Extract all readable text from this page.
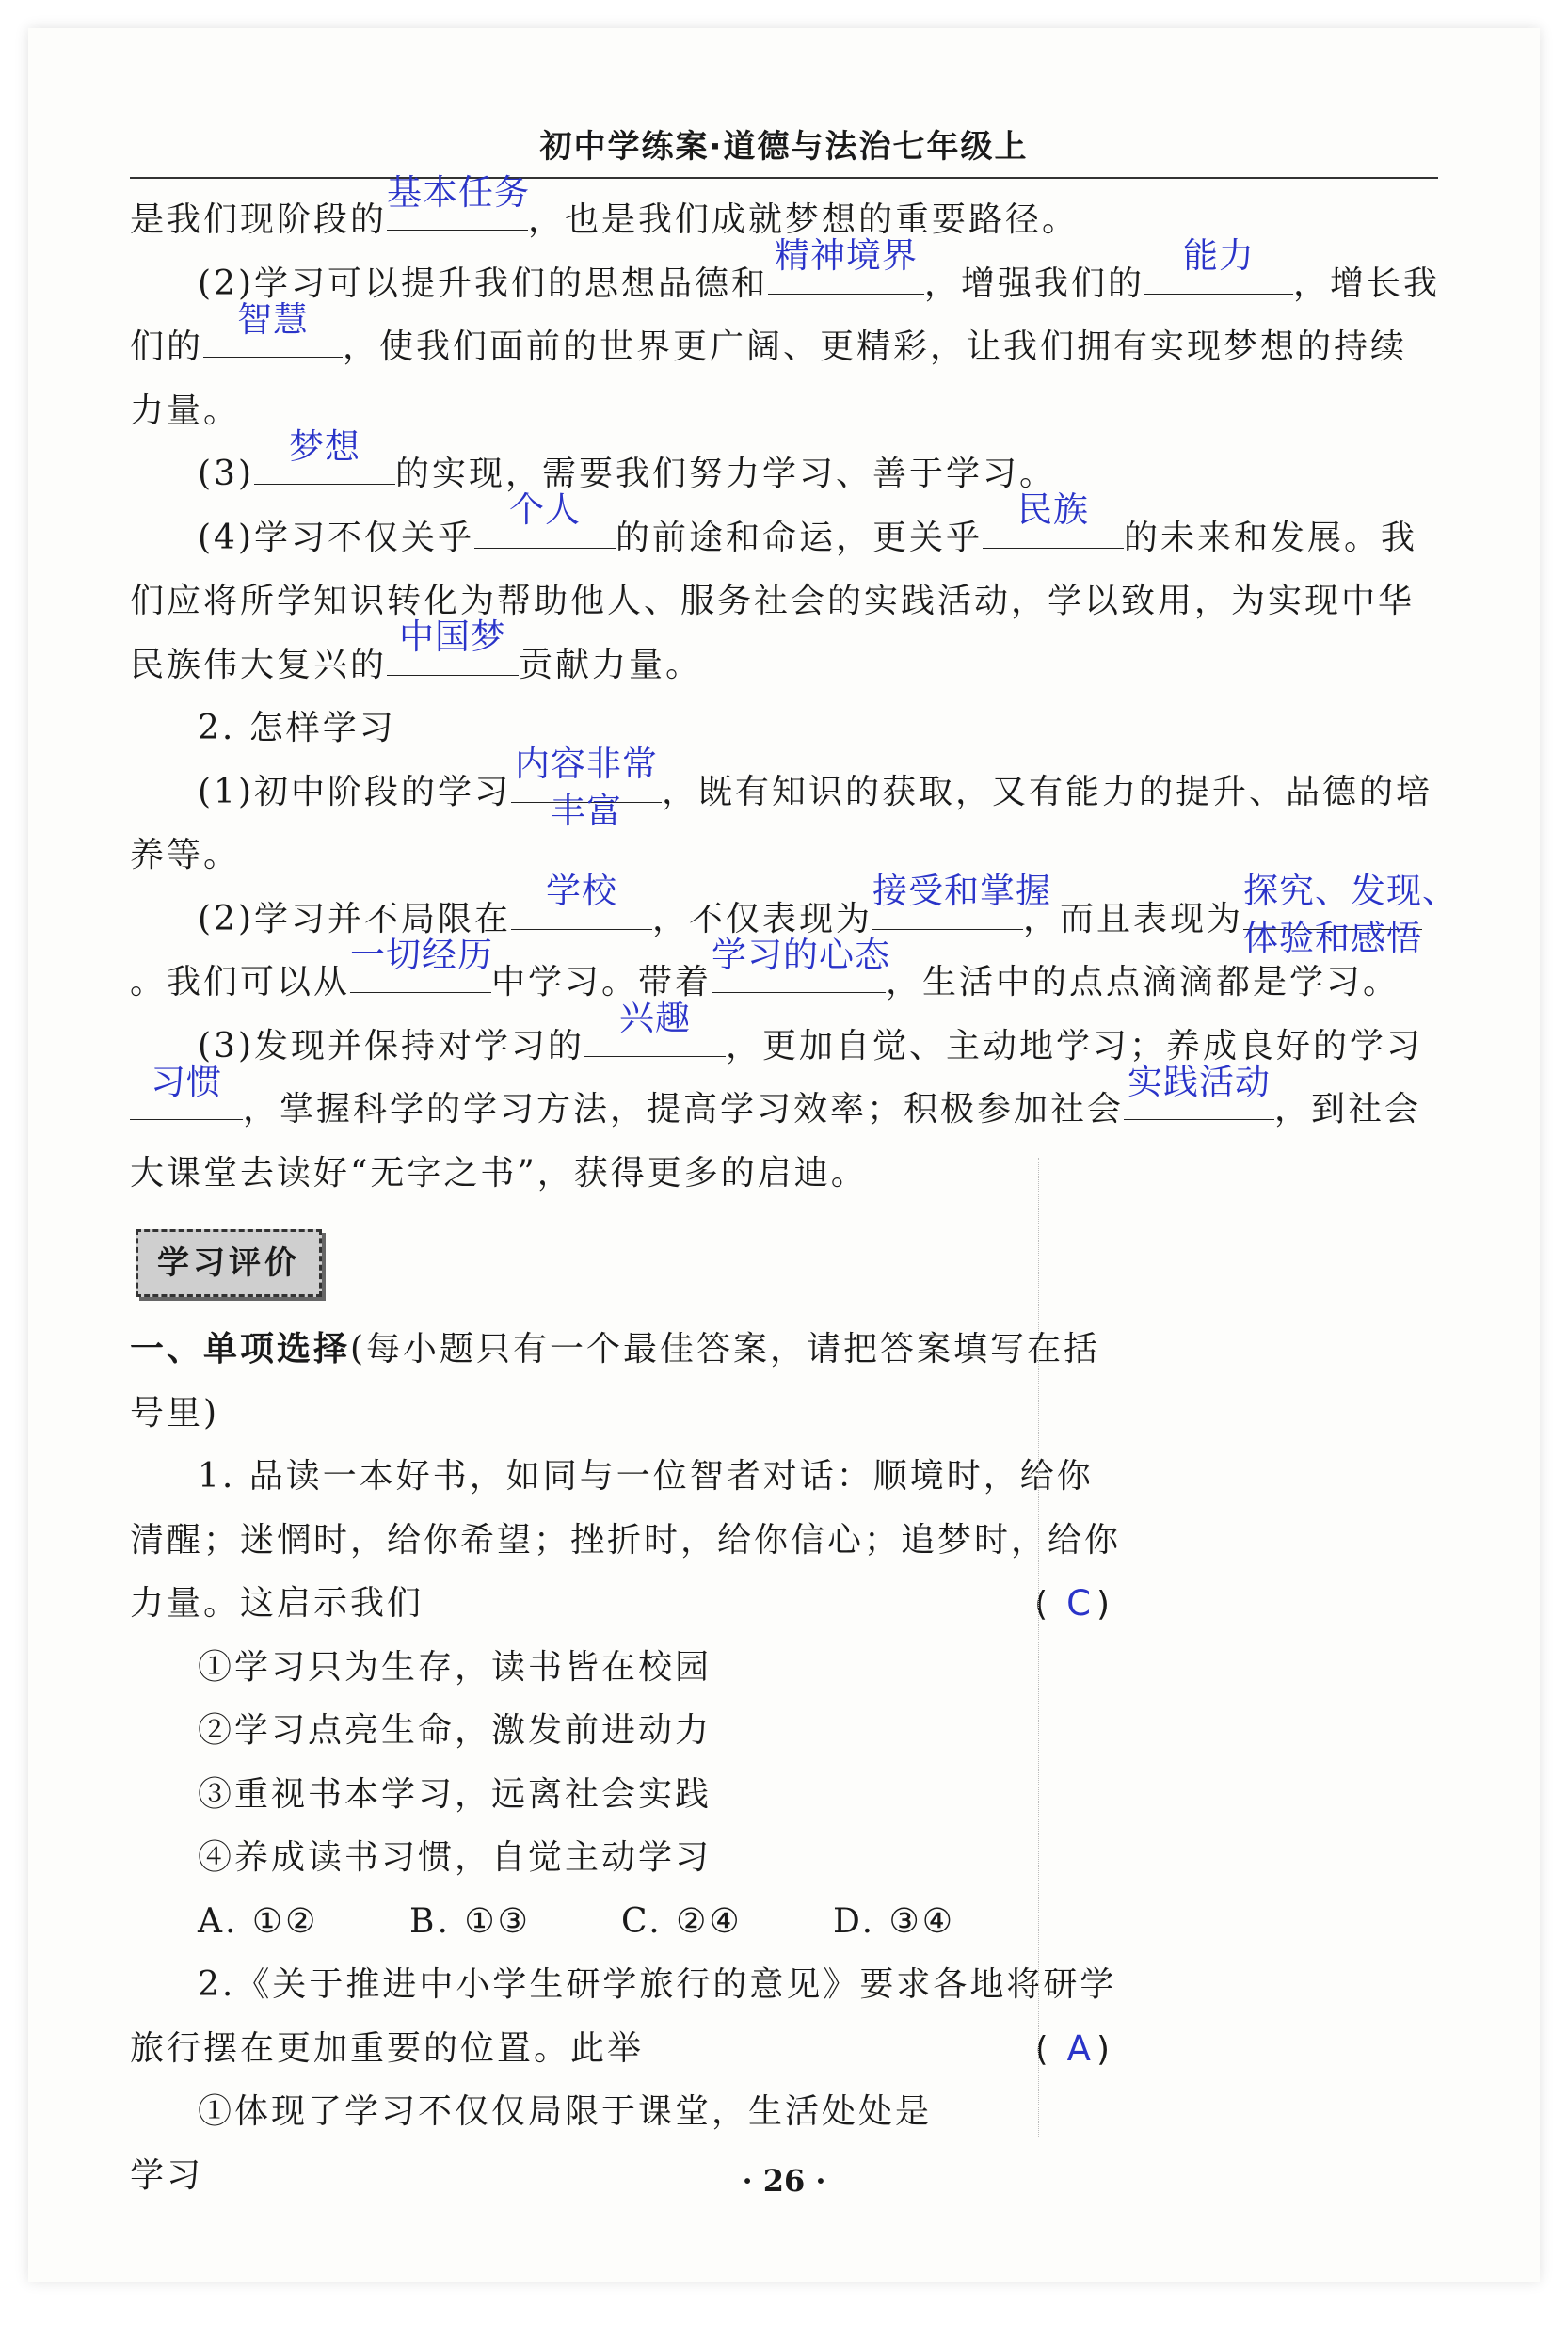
初中学练案·道德与法治七年级上

是我们现阶段的
基本任务
，也是我们成就梦想的重要路径。

(2)学习可以提升我们的思想品德和
精神境界
，增强我们的
能力
，增长我们的
智慧
，使我们面前的世界更广阔、更精彩，让我们拥有实现梦想的持续力量。

(3)
梦想
的实现，需要我们努力学习、善于学习。

(4)学习不仅关乎
个人
的前途和命运，更关乎
民族
的未来和发展。我们应将所学知识转化为帮助他人、服务社会的实践活动，学以致用，为实现中华民族伟大复兴的
中国梦
贡献力量。

2. 怎样学习

(1)初中阶段的学习
内容非常
丰富	，既有知识的获取，又有能力的提升、品德的培养等。

(2)学习并不局限在
学校
，不仅表现为
接受和掌握
，而且表现为
探究、发现、
体验和感悟
。我们可以从
一切经历
中学习。带着
学习的心态
，生活中的点点滴滴都是学习。

(3)发现并保持对学习的
兴趣
，更加自觉、主动地学习；养成良好的学习
习惯
，掌握科学的学习方法，提高学习效率；积极参加社会
实践活动
，到社会大课堂去读好“无字之书”，获得更多的启迪。

学习评价

一、单项选择(每小题只有一个最佳答案，请把答案填写在括号里)

1. 品读一本好书，如同与一位智者对话：顺境时，给你清醒；迷惘时，给你希望；挫折时，给你信心；追梦时，给你力量。这启示我们	( C )

①学习只为生存，读书皆在校园

②学习点亮生命，激发前进动力

③重视书本学习，远离社会实践

④养成读书习惯，自觉主动学习

A. ①②	B. ①③	C. ②④	D. ③④

2.《关于推进中小学生研学旅行的意见》要求各地将研学旅行摆在更加重要的位置。此举	( A )

①体现了学习不仅仅局限于课堂，生活处处是学习	· 26 ·
